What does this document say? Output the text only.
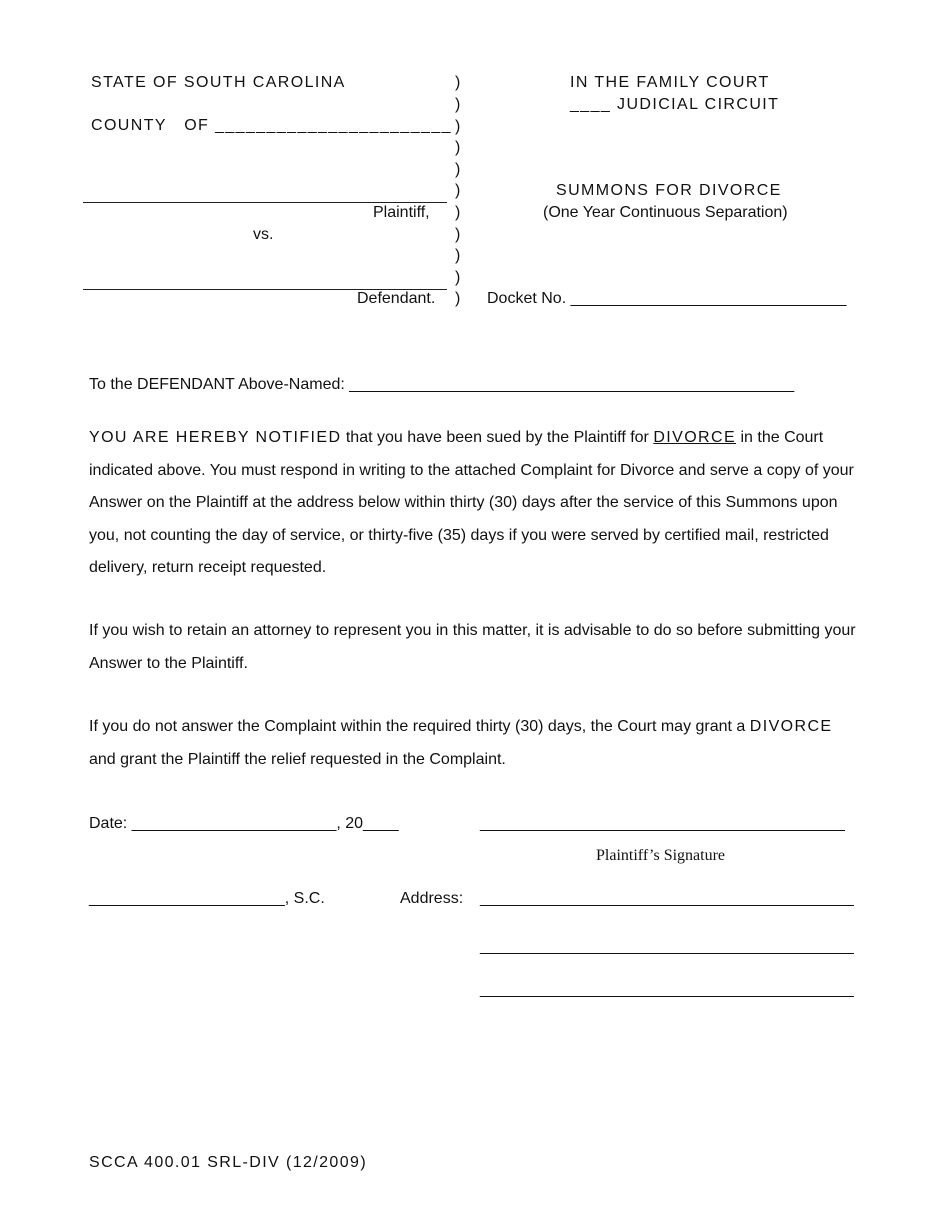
STATE OF SOUTH CAROLINA
COUNTY   OF _______________________
Plaintiff,
vs.
Defendant.
)
)
)
)
)
)
)
)
)
)
)
IN THE FAMILY COURT
____ JUDICIAL CIRCUIT
SUMMONS FOR DIVORCE
(One Year Continuous Separation)
Docket No. _______________________________
To the DEFENDANT Above-Named: __________________________________________________
YOU ARE HEREBY NOTIFIED that you have been sued by the Plaintiff for DIVORCE in the Court indicated above. You must respond in writing to the attached Complaint for Divorce and serve a copy of your Answer on the Plaintiff at the address below within thirty (30) days after the service of this Summons upon you, not counting the day of service, or thirty-five (35) days if you were served by certified mail, restricted delivery, return receipt requested.
If you wish to retain an attorney to represent you in this matter, it is advisable to do so before submitting your Answer to the Plaintiff.
If you do not answer the Complaint within the required thirty (30) days, the Court may grant a DIVORCE and grant the Plaintiff the relief requested in the Complaint.
Date: _______________________, 20____	_________________________________________
Plaintiff’s Signature
______________________, S.C.	Address: __________________________________________
__________________________________________
__________________________________________
SCCA 400.01 SRL-DIV (12/2009)
